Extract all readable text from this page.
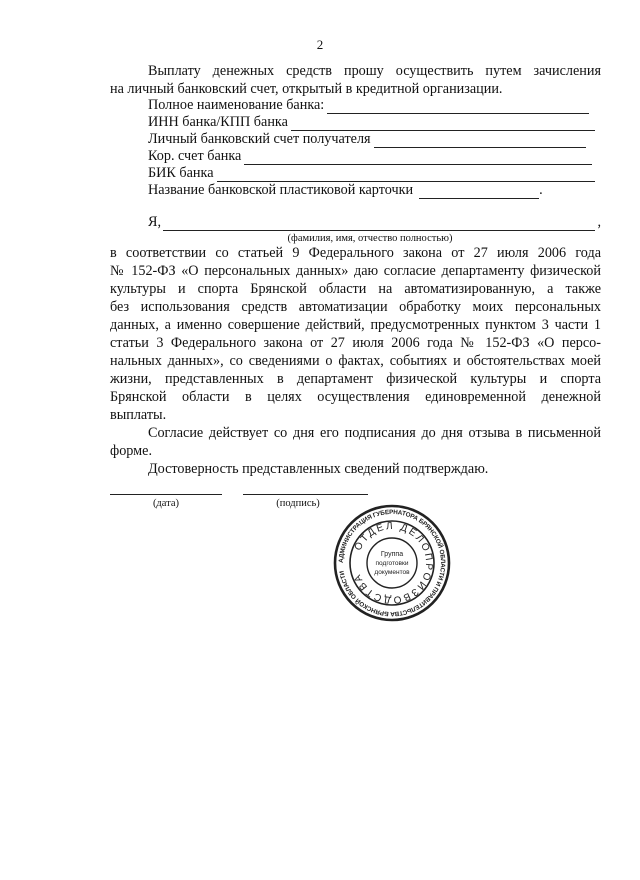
2
Выплату денежных средств прошу осуществить путем зачисления
на личный банковский счет, открытый в кредитной организации.
Полное наименование банка:
ИНН банка/КПП банка
Личный банковский счет получателя
Кор. счет банка
БИК банка
Название банковской пластиковой карточки	.
Я,	,
(фамилия, имя, отчество полностью)
в соответствии со статьей 9 Федерального закона от 27 июля 2006 года
№ 152-ФЗ «О персональных данных» даю согласие департаменту физической
культуры и спорта Брянской области на автоматизированную, а также
без использования средств автоматизации обработку моих персональных
данных, а именно совершение действий, предусмотренных пунктом 3 части 1
статьи 3 Федерального закона от 27 июля 2006 года № 152-ФЗ «О персо-
нальных данных», со сведениями о фактах, событиях и обстоятельствах моей
жизни, представленных в департамент физической культуры и спорта
Брянской области в целях осуществления единовременной денежной
выплаты.
Согласие действует со дня его подписания до дня отзыва в письменной
форме.
Достоверность представленных сведений подтверждаю.
(дата)	(подпись)
АДМИНИСТРАЦИЯ ГУБЕРНАТОРА БРЯНСКОЙ ОБЛАСТИ И ПРАВИТЕЛЬСТВА БРЯНСКОЙ ОБЛАСТИ
ОТДЕЛ ДЕЛОПРОИЗВОДСТВА
Группа
подготовки
документов
